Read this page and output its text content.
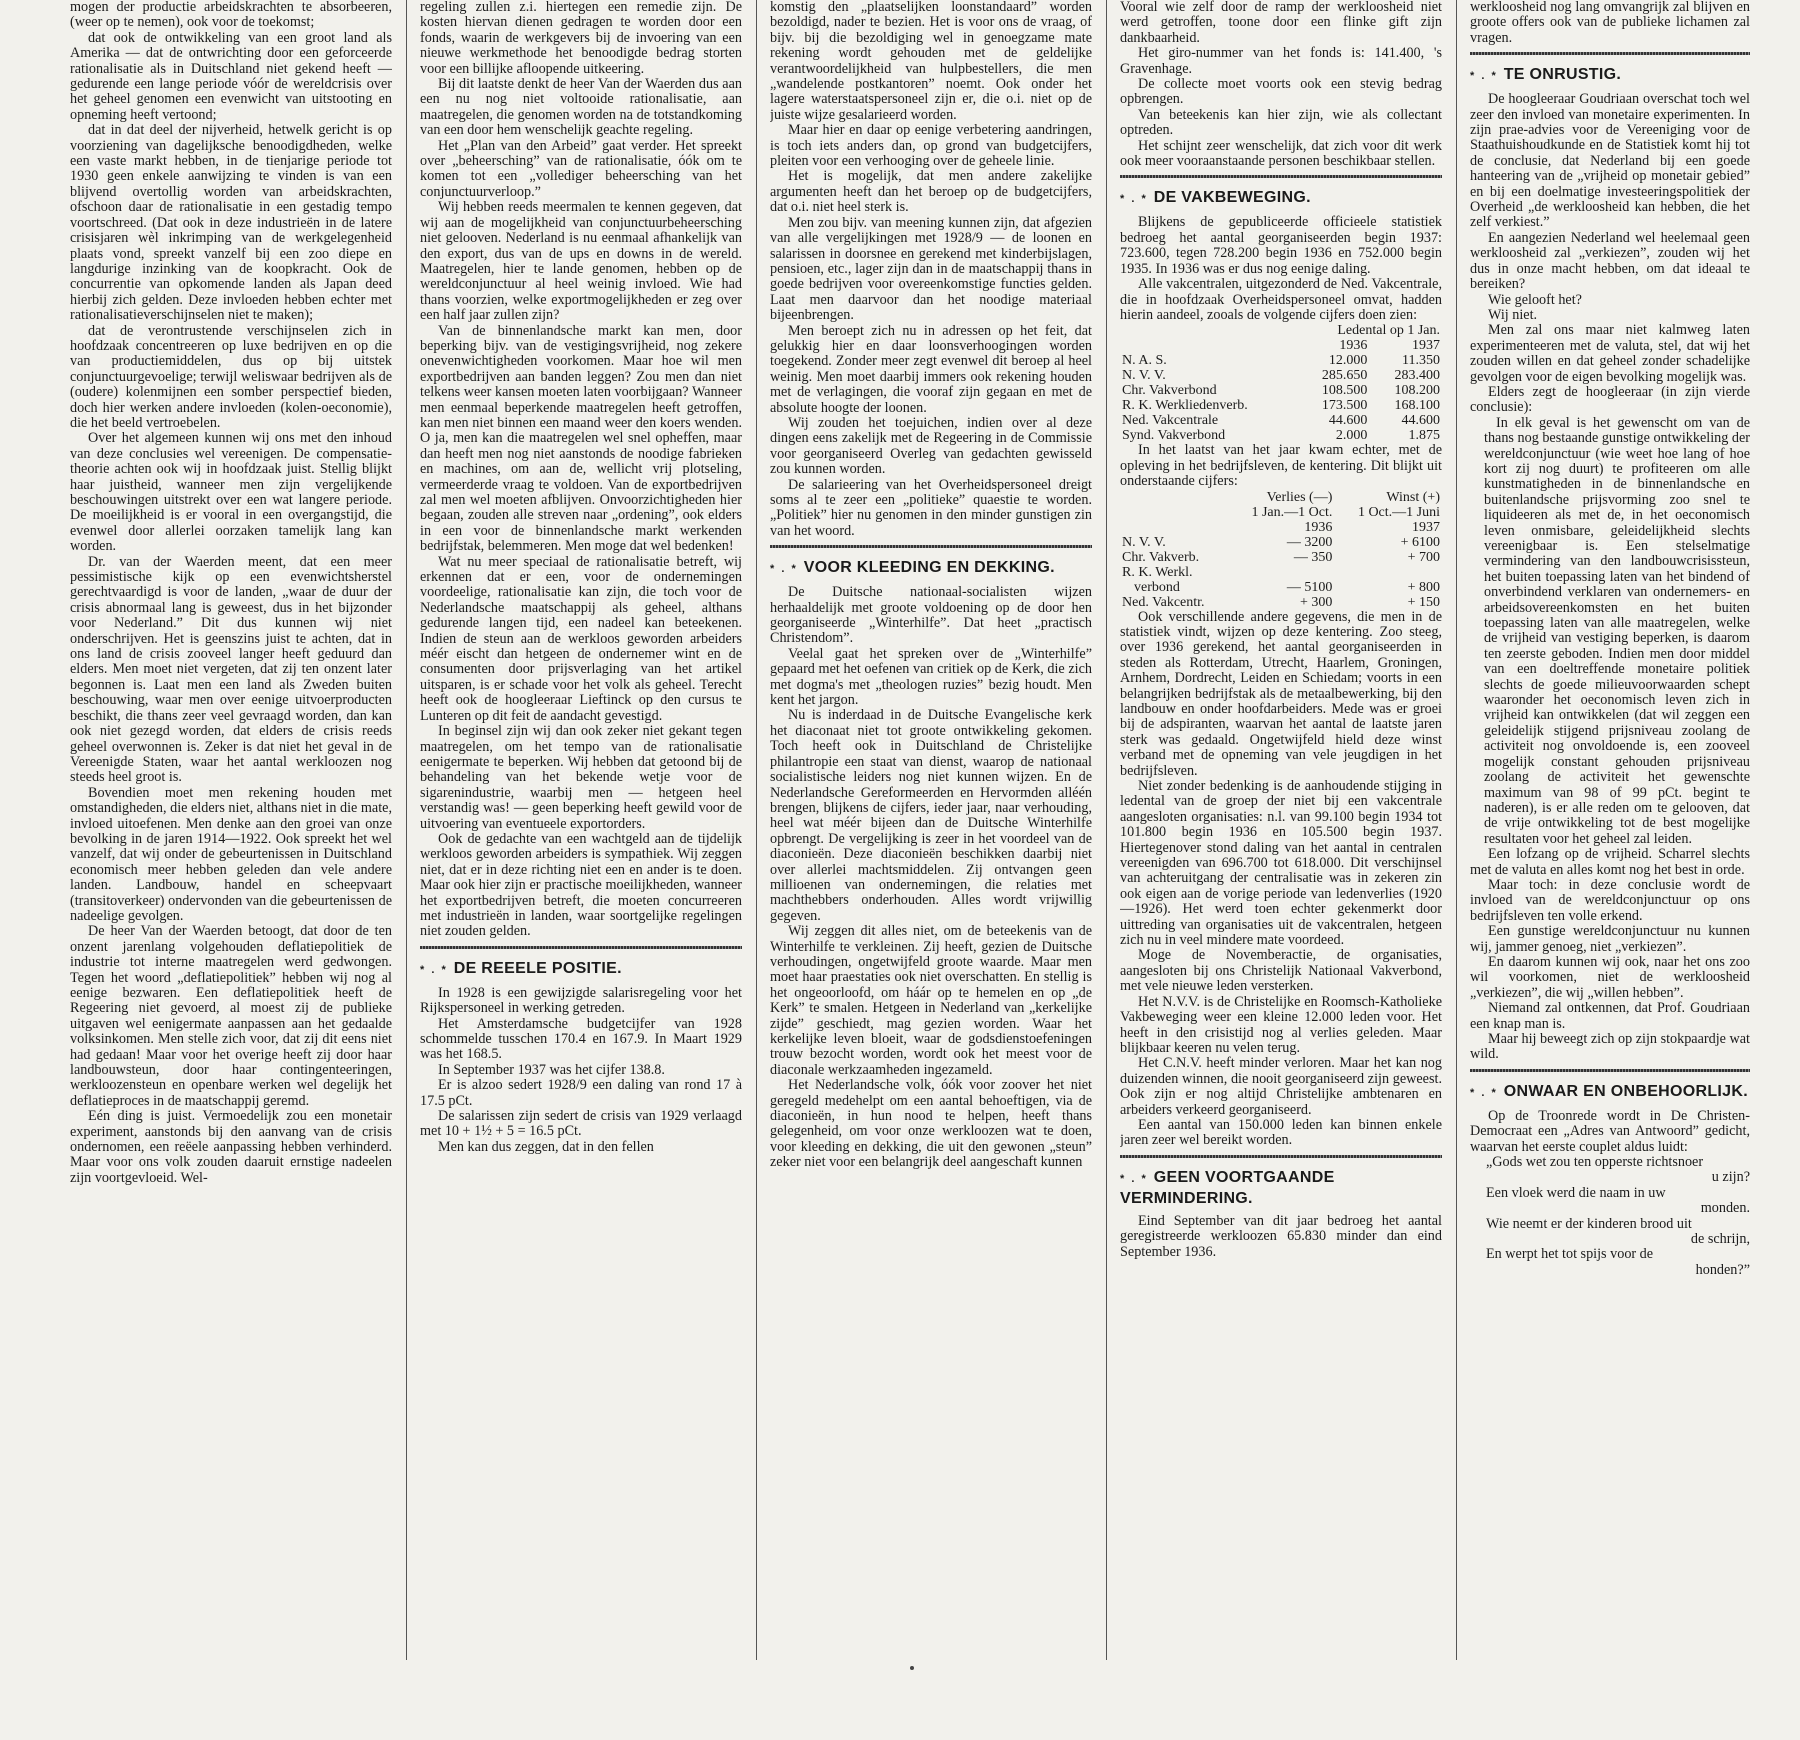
mogen der productie arbeidskrachten te absorbeeren, (weer op te nemen), ook voor de toekomst;

dat ook de ontwikkeling van een groot land als Amerika — dat de ontwrichting door een geforceerde rationalisatie als in Duitschland niet gekend heeft — gedurende een lange periode vóór de wereldcrisis over het geheel genomen een evenwicht van uitstooting en opneming heeft vertoond;

dat in dat deel der nijverheid, hetwelk gericht is op voorziening van dagelijksche benoodigdheden, welke een vaste markt hebben, in de tienjarige periode tot 1930 geen enkele aanwijzing te vinden is van een blijvend overtollig worden van arbeidskrachten, ofschoon daar de rationalisatie in een gestadig tempo voortschreed. (Dat ook in deze industrieën in de latere crisisjaren wèl inkrimping van de werkgelegenheid plaats vond, spreekt vanzelf bij een zoo diepe en langdurige inzinking van de koopkracht. Ook de concurrentie van opkomende landen als Japan deed hierbij zich gelden. Deze invloeden hebben echter met rationalisatieverschijnselen niet te maken);

dat de verontrustende verschijnselen zich in hoofdzaak concentreeren op luxe bedrijven en op die van productiemiddelen, dus op bij uitstek conjunctuurgevoelige; terwijl weliswaar bedrijven als de (oudere) kolenmijnen een somber perspectief bieden, doch hier werken andere invloeden (kolen-oeconomie), die het beeld vertroebelen.

Over het algemeen kunnen wij ons met den inhoud van deze conclusies wel vereenigen. De compensatie-theorie achten ook wij in hoofdzaak juist. Stellig blijkt haar juistheid, wanneer men zijn vergelijkende beschouwingen uitstrekt over een wat langere periode. De moeilijkheid is er vooral in een overgangstijd, die evenwel door allerlei oorzaken tamelijk lang kan worden.

Dr. van der Waerden meent, dat een meer pessimistische kijk op een evenwichtsherstel gerechtvaardigd is voor de landen, „waar de duur der crisis abnormaal lang is geweest, dus in het bijzonder voor Nederland.” Dit dus kunnen wij niet onderschrijven. Het is geenszins juist te achten, dat in ons land de crisis zooveel langer heeft geduurd dan elders. Men moet niet vergeten, dat zij ten onzent later begonnen is. Laat men een land als Zweden buiten beschouwing, waar men over eenige uitvoerproducten beschikt, die thans zeer veel gevraagd worden, dan kan ook niet gezegd worden, dat elders de crisis reeds geheel overwonnen is. Zeker is dat niet het geval in de Vereenigde Staten, waar het aantal werkloozen nog steeds heel groot is.

Bovendien moet men rekening houden met omstandigheden, die elders niet, althans niet in die mate, invloed uitoefenen. Men denke aan den groei van onze bevolking in de jaren 1914—1922. Ook spreekt het wel vanzelf, dat wij onder de gebeurtenissen in Duitschland economisch meer hebben geleden dan vele andere landen. Landbouw, handel en scheepvaart (transitoverkeer) ondervonden van die gebeurtenissen de nadeelige gevolgen.

De heer Van der Waerden betoogt, dat door de ten onzent jarenlang volgehouden deflatiepolitiek de industrie tot interne maatregelen werd gedwongen. Tegen het woord „deflatiepolitiek” hebben wij nog al eenige bezwaren. Een deflatiepolitiek heeft de Regeering niet gevoerd, al moest zij de publieke uitgaven wel eenigermate aanpassen aan het gedaalde volksinkomen. Men stelle zich voor, dat zij dit eens niet had gedaan! Maar voor het overige heeft zij door haar landbouwsteun, door haar contingenteeringen, werkloozensteun en openbare werken wel degelijk het deflatieproces in de maatschappij geremd.

Eén ding is juist. Vermoedelijk zou een monetair experiment, aanstonds bij den aanvang van de crisis ondernomen, een reëele aanpassing hebben verhinderd. Maar voor ons volk zouden daaruit ernstige nadeelen zijn voortgevloeid. Wel-

regeling zullen z.i. hiertegen een remedie zijn. De kosten hiervan dienen gedragen te worden door een fonds, waarin de werkgevers bij de invoering van een nieuwe werkmethode het benoodigde bedrag storten voor een billijke afloopende uitkeering.

Bij dit laatste denkt de heer Van der Waerden dus aan een nu nog niet voltooide rationalisatie, aan maatregelen, die genomen worden na de totstandkoming van een door hem wenschelijk geachte regeling.

Het „Plan van den Arbeid” gaat verder. Het spreekt over „beheersching” van de rationalisatie, óók om te komen tot een „vollediger beheersching van het conjunctuurverloop.”

Wij hebben reeds meermalen te kennen gegeven, dat wij aan de mogelijkheid van conjunctuurbeheersching niet gelooven. Nederland is nu eenmaal afhankelijk van den export, dus van de ups en downs in de wereld. Maatregelen, hier te lande genomen, hebben op de wereldconjunctuur al heel weinig invloed. Wie had thans voorzien, welke exportmogelijkheden er zeg over een half jaar zullen zijn?

Van de binnenlandsche markt kan men, door beperking bijv. van de vestigingsvrijheid, nog zekere onevenwichtigheden voorkomen. Maar hoe wil men exportbedrijven aan banden leggen? Zou men dan niet telkens weer kansen moeten laten voorbijgaan? Wanneer men eenmaal beperkende maatregelen heeft getroffen, kan men niet binnen een maand weer den koers wenden. O ja, men kan die maatregelen wel snel opheffen, maar dan heeft men nog niet aanstonds de noodige fabrieken en machines, om aan de, wellicht vrij plotseling, vermeerderde vraag te voldoen. Van de exportbedrijven zal men wel moeten afblijven. Onvoorzichtigheden hier begaan, zouden alle streven naar „ordening”, ook elders in een voor de binnenlandsche markt werkenden bedrijfstak, belemmeren. Men moge dat wel bedenken!

Wat nu meer speciaal de rationalisatie betreft, wij erkennen dat er een, voor de ondernemingen voordeelige, rationalisatie kan zijn, die toch voor de Nederlandsche maatschappij als geheel, althans gedurende langen tijd, een nadeel kan beteekenen. Indien de steun aan de werkloos geworden arbeiders méér eischt dan hetgeen de ondernemer wint en de consumenten door prijsverlaging van het artikel uitsparen, is er schade voor het volk als geheel. Terecht heeft ook de hoogleeraar Lieftinck op den cursus te Lunteren op dit feit de aandacht gevestigd.

In beginsel zijn wij dan ook zeker niet gekant tegen maatregelen, om het tempo van de rationalisatie eenigermate te beperken. Wij hebben dat getoond bij de behandeling van het bekende wetje voor de sigarenindustrie, waarbij men — hetgeen heel verstandig was! — geen beperking heeft gewild voor de uitvoering van eventueele exportorders.

Ook de gedachte van een wachtgeld aan de tijdelijk werkloos geworden arbeiders is sympathiek. Wij zeggen niet, dat er in deze richting niet een en ander is te doen. Maar ook hier zijn er practische moeilijkheden, wanneer het exportbedrijven betreft, die moeten concurreeren met industrieën in landen, waar soortgelijke regelingen niet zouden gelden.

* . * DE REEELE POSITIE.

In 1928 is een gewijzigde salarisregeling voor het Rijkspersoneel in werking getreden.

Het Amsterdamsche budgetcijfer van 1928 schommelde tusschen 170.4 en 167.9. In Maart 1929 was het 168.5.

In September 1937 was het cijfer 138.8.

Er is alzoo sedert 1928/9 een daling van rond 17 à 17.5 pCt.

De salarissen zijn sedert de crisis van 1929 verlaagd met 10 + 1½ + 5 = 16.5 pCt.

Men kan dus zeggen, dat in den fellen

komstig den „plaatselijken loonstandaard” worden bezoldigd, nader te bezien. Het is voor ons de vraag, of bijv. bij die bezoldiging wel in genoegzame mate rekening wordt gehouden met de geldelijke verantwoordelijkheid van hulpbestellers, die men „wandelende postkantoren” noemt. Ook onder het lagere waterstaatspersoneel zijn er, die o.i. niet op de juiste wijze gesalarieerd worden.

Maar hier en daar op eenige verbetering aandringen, is toch iets anders dan, op grond van budgetcijfers, pleiten voor een verhooging over de geheele linie.

Het is mogelijk, dat men andere zakelijke argumenten heeft dan het beroep op de budgetcijfers, dat o.i. niet heel sterk is.

Men zou bijv. van meening kunnen zijn, dat afgezien van alle vergelijkingen met 1928/9 — de loonen en salarissen in doorsnee en gerekend met kinderbijslagen, pensioen, etc., lager zijn dan in de maatschappij thans in goede bedrijven voor overeenkomstige functies gelden. Laat men daarvoor dan het noodige materiaal bijeenbrengen.

Men beroept zich nu in adressen op het feit, dat gelukkig hier en daar loonsverhoogingen worden toegekend. Zonder meer zegt evenwel dit beroep al heel weinig. Men moet daarbij immers ook rekening houden met de verlagingen, die vooraf zijn gegaan en met de absolute hoogte der loonen.

Wij zouden het toejuichen, indien over al deze dingen eens zakelijk met de Regeering in de Commissie voor georganiseerd Overleg van gedachten gewisseld zou kunnen worden.

De salarieering van het Overheidspersoneel dreigt soms al te zeer een „politieke” quaestie te worden. „Politiek” hier nu genomen in den minder gunstigen zin van het woord.

* . * VOOR KLEEDING EN DEKKING.

De Duitsche nationaal-socialisten wijzen herhaaldelijk met groote voldoening op de door hen georganiseerde „Winterhilfe”. Dat heet „practisch Christendom”.

Veelal gaat het spreken over de „Winterhilfe” gepaard met het oefenen van critiek op de Kerk, die zich met dogma's met „theologen ruzies” bezig houdt. Men kent het jargon.

Nu is inderdaad in de Duitsche Evangelische kerk het diaconaat niet tot groote ontwikkeling gekomen. Toch heeft ook in Duitschland de Christelijke philantropie een staat van dienst, waarop de nationaal socialistische leiders nog niet kunnen wijzen. En de Nederlandsche Gereformeerden en Hervormden alléén brengen, blijkens de cijfers, ieder jaar, naar verhouding, heel wat méér bijeen dan de Duitsche Winterhilfe opbrengt. De vergelijking is zeer in het voordeel van de diaconieën. Deze diaconieën beschikken daarbij niet over allerlei machtsmiddelen. Zij ontvangen geen millioenen van ondernemingen, die relaties met machthebbers onderhouden. Alles wordt vrijwillig gegeven.

Wij zeggen dit alles niet, om de beteekenis van de Winterhilfe te verkleinen. Zij heeft, gezien de Duitsche verhoudingen, ongetwijfeld groote waarde. Maar men moet haar praestaties ook niet overschatten. En stellig is het ongeoorloofd, om háár op te hemelen en op „de Kerk” te smalen. Hetgeen in Nederland van „kerkelijke zijde” geschiedt, mag gezien worden. Waar het kerkelijke leven bloeit, waar de godsdienstoefeningen trouw bezocht worden, wordt ook het meest voor de diaconale werkzaamheden ingezameld.

Het Nederlandsche volk, óók voor zoover het niet geregeld medehelpt om een aantal behoeftigen, via de diaconieën, in hun nood te helpen, heeft thans gelegenheid, om voor onze werkloozen wat te doen, voor kleeding en dekking, die uit den gewonen „steun” zeker niet voor een belangrijk deel aangeschaft kunnen

Vooral wie zelf door de ramp der werkloosheid niet werd getroffen, toone door een flinke gift zijn dankbaarheid.

Het giro-nummer van het fonds is: 141.400, 's Gravenhage.

De collecte moet voorts ook een stevig bedrag opbrengen.

Van beteekenis kan hier zijn, wie als collectant optreden.

Het schijnt zeer wenschelijk, dat zich voor dit werk ook meer vooraanstaande personen beschikbaar stellen.

* . * DE VAKBEWEGING.

Blijkens de gepubliceerde officieele statistiek bedroeg het aantal georganiseerden begin 1937: 723.600, tegen 728.200 begin 1936 en 752.000 begin 1935. In 1936 was er dus nog eenige daling.

Alle vakcentralen, uitgezonderd de Ned. Vakcentrale, die in hoofdzaak Overheidspersoneel omvat, hadden hierin aandeel, zooals de volgende cijfers doen zien:

	Ledental op 1 Jan.	
	1936	1937
N. A. S.	12.000	11.350
N. V. V.	285.650	283.400
Chr. Vakverbond	108.500	108.200
R. K. Werkliedenverb.	173.500	168.100
Ned. Vakcentrale	44.600	44.600
Synd. Vakverbond	2.000	1.875

In het laatst van het jaar kwam echter, met de opleving in het bedrijfsleven, de kentering. Dit blijkt uit onderstaande cijfers:

	Verlies (—)	Winst (+)
	1 Jan.—1 Oct.	1 Oct.—1 Juni
	1936	1937
N. V. V.	— 3200	+ 6100
Chr. Vakverb.	— 350	+ 700
R. K. Werkl.		
verbond	— 5100	+ 800
Ned. Vakcentr.	+ 300	+ 150

Ook verschillende andere gegevens, die men in de statistiek vindt, wijzen op deze kentering. Zoo steeg, over 1936 gerekend, het aantal georganiseerden in steden als Rotterdam, Utrecht, Haarlem, Groningen, Arnhem, Dordrecht, Leiden en Schiedam; voorts in een belangrijken bedrijfstak als de metaalbewerking, bij den landbouw en onder hoofdarbeiders. Mede was er groei bij de adspiranten, waarvan het aantal de laatste jaren sterk was gedaald. Ongetwijfeld hield deze winst verband met de opneming van vele jeugdigen in het bedrijfsleven.

Niet zonder bedenking is de aanhoudende stijging in ledental van de groep der niet bij een vakcentrale aangesloten organisaties: n.l. van 99.100 begin 1934 tot 101.800 begin 1936 en 105.500 begin 1937. Hiertegenover stond daling van het aantal in centralen vereenigden van 696.700 tot 618.000. Dit verschijnsel van achteruitgang der centralisatie was in zekeren zin ook eigen aan de vorige periode van ledenverlies (1920—1926). Het werd toen echter gekenmerkt door uittreding van organisaties uit de vakcentralen, hetgeen zich nu in veel mindere mate voordeed.

Moge de Novemberactie, de organisaties, aangesloten bij ons Christelijk Nationaal Vakverbond, met vele nieuwe leden versterken.

Het N.V.V. is de Christelijke en Roomsch-Katholieke Vakbeweging weer een kleine 12.000 leden voor. Het heeft in den crisistijd nog al verlies geleden. Maar blijkbaar keeren nu velen terug.

Het C.N.V. heeft minder verloren. Maar het kan nog duizenden winnen, die nooit georganiseerd zijn geweest. Ook zijn er nog altijd Christelijke ambtenaren en arbeiders verkeerd georganiseerd.

Een aantal van 150.000 leden kan binnen enkele jaren zeer wel bereikt worden.

* . * GEEN VOORTGAANDE VERMINDERING.

Eind September van dit jaar bedroeg het aantal geregistreerde werkloozen 65.830 minder dan eind September 1936.

werkloosheid nog lang omvangrijk zal blijven en groote offers ook van de publieke lichamen zal vragen.

* . * TE ONRUSTIG.

De hoogleeraar Goudriaan overschat toch wel zeer den invloed van monetaire experimenten. In zijn prae-advies voor de Vereeniging voor de Staathuishoudkunde en de Statistiek komt hij tot de conclusie, dat Nederland bij een goede hanteering van de „vrijheid op monetair gebied” en bij een doelmatige investeeringspolitiek der Overheid „de werkloosheid kan hebben, die het zelf verkiest.”

En aangezien Nederland wel heelemaal geen werkloosheid zal „verkiezen”, zouden wij het dus in onze macht hebben, om dat ideaal te bereiken?

Wie gelooft het?

Wij niet.

Men zal ons maar niet kalmweg laten experimenteeren met de valuta, stel, dat wij het zouden willen en dat geheel zonder schadelijke gevolgen voor de eigen bevolking mogelijk was.

Elders zegt de hoogleeraar (in zijn vierde conclusie):

In elk geval is het gewenscht om van de thans nog bestaande gunstige ontwikkeling der wereldconjunctuur (wie weet hoe lang of hoe kort zij nog duurt) te profiteeren om alle kunstmatigheden in de binnenlandsche en buitenlandsche prijsvorming zoo snel te liquideeren als met de, in het oeconomisch leven onmisbare, geleidelijkheid slechts vereenigbaar is. Een stelselmatige vermindering van den landbouwcrisissteun, het buiten toepassing laten van het bindend of onverbindend verklaren van ondernemers- en arbeidsovereenkomsten en het buiten toepassing laten van alle maatregelen, welke de vrijheid van vestiging beperken, is daarom ten zeerste geboden. Indien men door middel van een doeltreffende monetaire politiek slechts de goede milieuvoorwaarden schept waaronder het oeconomisch leven zich in vrijheid kan ontwikkelen (dat wil zeggen een geleidelijk stijgend prijsniveau zoolang de activiteit nog onvoldoende is, een zooveel mogelijk constant gehouden prijsniveau zoolang de activiteit het gewenschte maximum van 98 of 99 pCt. begint te naderen), is er alle reden om te gelooven, dat de vrije ontwikkeling tot de best mogelijke resultaten voor het geheel zal leiden.

Een lofzang op de vrijheid. Scharrel slechts met de valuta en alles komt nog het best in orde.

Maar toch: in deze conclusie wordt de invloed van de wereldconjunctuur op ons bedrijfsleven ten volle erkend.

Een gunstige wereldconjunctuur nu kunnen wij, jammer genoeg, niet „verkiezen”.

En daarom kunnen wij ook, naar het ons zoo wil voorkomen, niet de werkloosheid „verkiezen”, die wij „willen hebben”.

Niemand zal ontkennen, dat Prof. Goudriaan een knap man is.

Maar hij beweegt zich op zijn stokpaardje wat wild.

* . * ONWAAR EN ONBEHOORLIJK.

Op de Troonrede wordt in De Christen-Democraat een „Adres van Antwoord” gedicht, waarvan het eerste couplet aldus luidt:

„Gods wet zou ten opperste richtsnoer

u zijn?

Een vloek werd die naam in uw

monden.

Wie neemt er der kinderen brood uit

de schrijn,

En werpt het tot spijs voor de

honden?”
